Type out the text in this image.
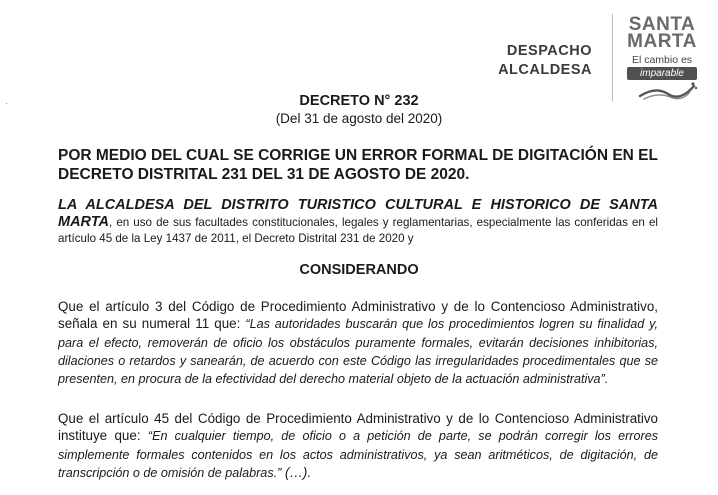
·
DESPACHO
ALCALDESA
SANTA
MARTA
El cambio es
imparable
DECRETO N° 232
(Del 31 de agosto del 2020)
POR MEDIO DEL CUAL SE CORRIGE UN ERROR FORMAL DE DIGITACIÓN EN EL DECRETO DISTRITAL 231 DEL 31 DE AGOSTO DE 2020.
LA ALCALDESA DEL DISTRITO TURISTICO CULTURAL E HISTORICO DE SANTA MARTA, en uso de sus facultades constitucionales, legales y reglamentarias, especialmente las conferidas en el artículo 45 de la Ley 1437 de 2011, el Decreto Distrital 231 de 2020 y
CONSIDERANDO
Que el artículo 3 del Código de Procedimiento Administrativo y de lo Contencioso Administrativo, señala en su numeral 11 que: “Las autoridades buscarán que los procedimientos logren su finalidad y, para el efecto, removerán de oficio los obstáculos puramente formales, evitarán decisiones inhibitorias, dilaciones o retardos y sanearán, de acuerdo con este Código las irregularidades procedimentales que se presenten, en procura de la efectividad del derecho material objeto de la actuación administrativa”.
Que el artículo 45 del Código de Procedimiento Administrativo y de lo Contencioso Administrativo instituye que: “En cualquier tiempo, de oficio o a petición de parte, se podrán corregir los errores simplemente formales contenidos en los actos administrativos, ya sean aritméticos, de digitación, de transcripción o de omisión de palabras.” (…).
